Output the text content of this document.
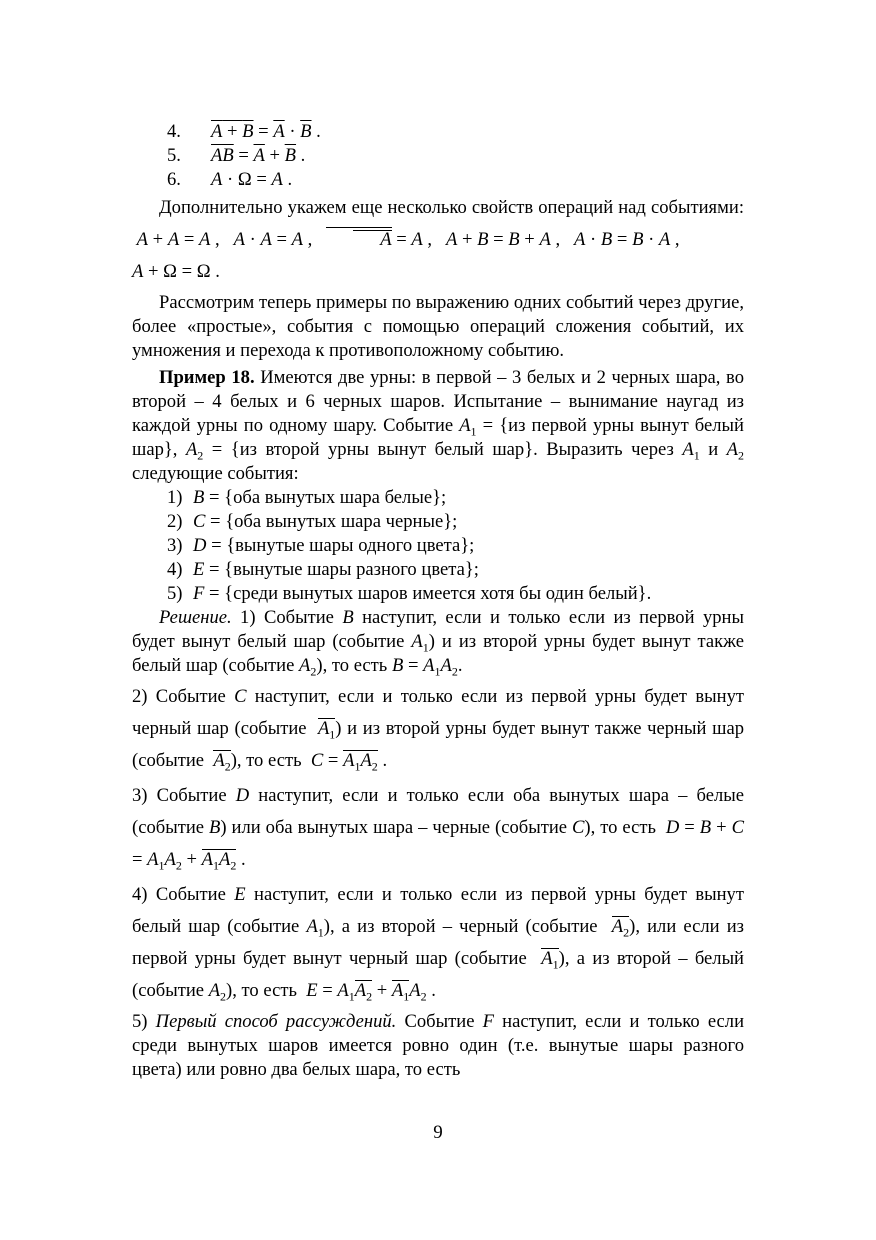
4. $A + B = \overline{A} \cdot \overline{B}$ .

5. $\overline{AB} = \overline{A} + \overline{B}$ .

6. A · Ω = A .

Дополнительно укажем еще несколько свойств операций над событиями:  A + A = A ,   A · A = A ,	A = A ,   A + B = B + A ,   A · B = B · A ,
A + Ω = Ω .

Рассмотрим теперь примеры по выражению одних событий через другие, более «простые», события с помощью операций сложения событий, их умножения и перехода к противоположному событию.

Пример 18. Имеются две урны: в первой – 3 белых и 2 черных шара, во второй – 4 белых и 6 черных шаров. Испытание – вынимание наугад из каждой урны по одному шару. Событие $A_1 = \{из$ первой урны вынут белый шар}, $A_2 = \{из$ второй урны вынут белый шар}. Выразить через $A_1$ и $A_2$ следующие события:

1) B = {оба вынутых шара белые};

2) C = {оба вынутых шара черные};

3) D = {вынутые шары одного цвета};

4) E = {вынутые шары разного цвета};

5) F = {среди вынутых шаров имеется хотя бы один белый}.

Решение. 1) Событие B наступит, если и только если из первой урны будет вынут белый шар (событие $A_1$) и из второй урны будет вынут также белый шар (событие $A_2$), то есть $B = A_1A_2$.

2) Событие C наступит, если и только если из первой урны будет вынут черный шар (событие  $A_1$) и из второй урны будет вынут также черный шар (событие  $A_2$), то есть  $C = A_1A_2$ .

3) Событие D наступит, если и только если оба вынутых шара – белые (событие B) или оба вынутых шара – черные (событие C), то есть  $D = B + C = A_1A_2 + A_1A_2$ .

4) Событие E наступит, если и только если из первой урны будет вынут белый шар (событие $A_1$), а из второй – черный (событие  $A_2$), или если из первой урны будет вынут черный шар (событие  $A_1$), а из второй – белый (событие $A_2$), то есть  $E = A_1A_2 + A_1A_2$ .

5) Первый способ рассуждений. Событие F наступит, если и только если среди вынутых шаров имеется ровно один (т.е. вынутые шары разного цвета) или ровно два белых шара, то есть

9
